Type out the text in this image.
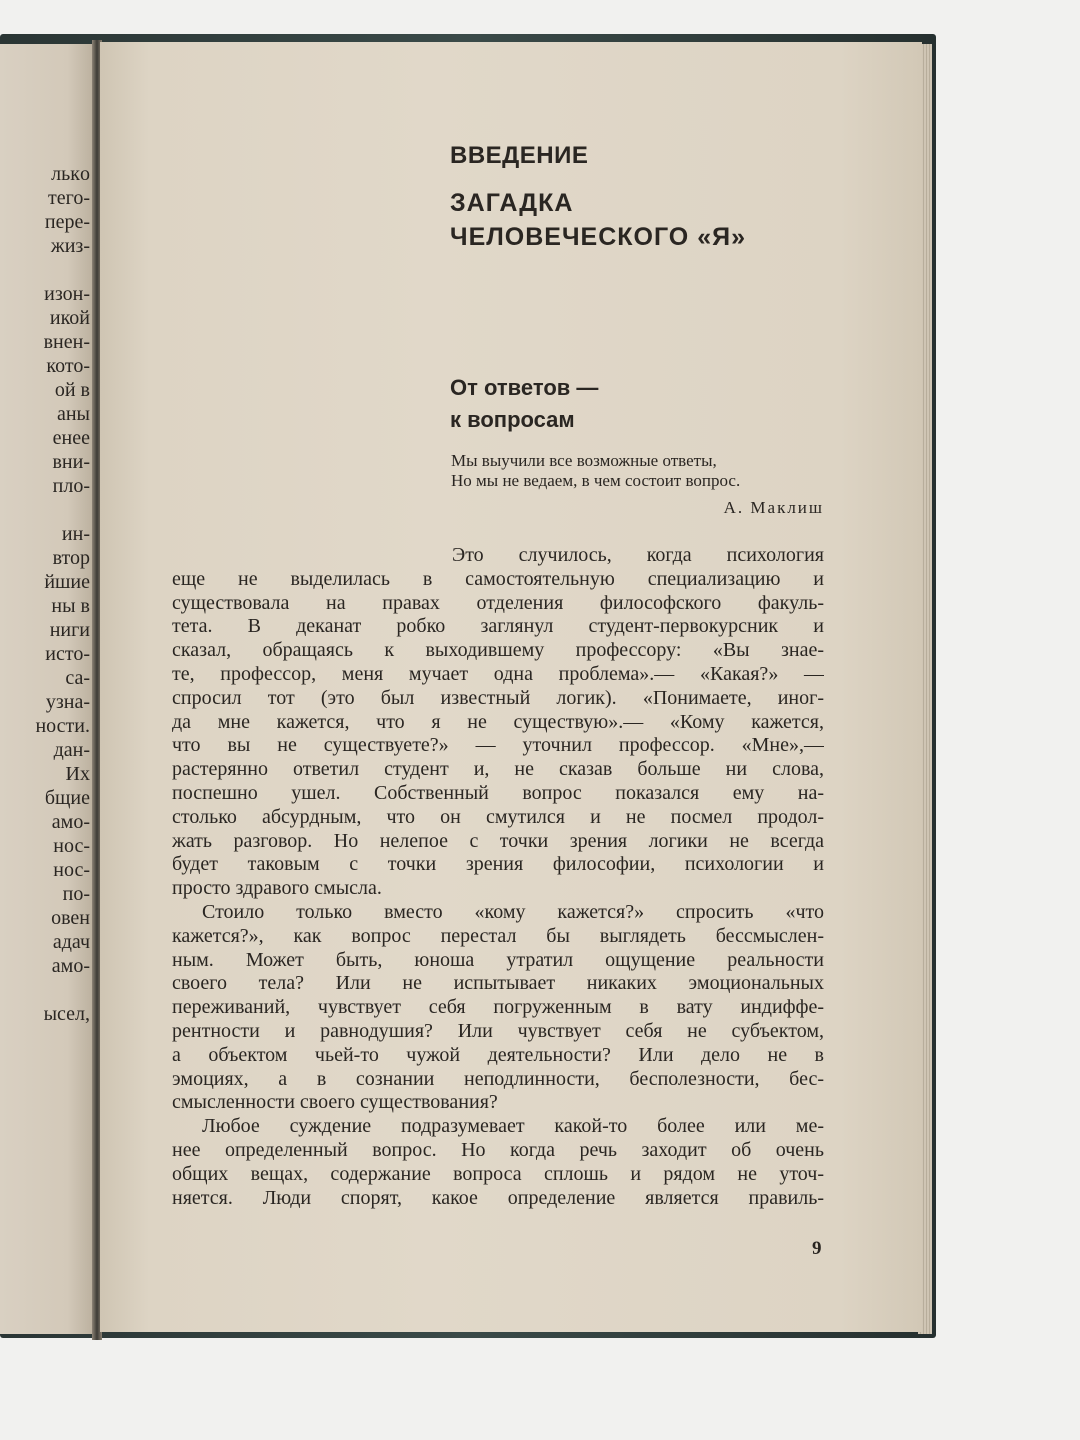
лькo
тего-
пере-
жиз-
изон-
икой
внен-
кото-
ой в
аны
енее
вни-
пло-
ин-
втор
йшие
ны в
ниги
исто-
са-
узна-
ности.
дан-
Их
бщие
амо-
нос-
нос-
по-
овен
адач
амо-
ысел,
ВВЕДЕНИЕ
ЗАГАДКА
ЧЕЛОВЕЧЕСКОГО «Я»
От ответов —
к вопросам
Мы выучили все возможные ответы,
Но мы не ведаем, в чем состоит вопрос.
А. Маклиш
Это случилось, когда психология
еще не выделилась в самостоятельную специализацию и
существовала на правах отделения философского факуль-
тета. В деканат робко заглянул студент-первокурсник и
сказал, обращаясь к выходившему профессору: «Вы знае-
те, профессор, меня мучает одна проблема».— «Какая?» —
спросил тот (это был известный логик). «Понимаете, иног-
да мне кажется, что я не существую».— «Кому кажется,
что вы не существуете?» — уточнил профессор. «Мне»,—
растерянно ответил студент и, не сказав больше ни слова,
поспешно ушел. Собственный вопрос показался ему на-
столько абсурдным, что он смутился и не посмел продол-
жать разговор. Но нелепое с точки зрения логики не всегда
будет таковым с точки зрения философии, психологии и
просто здравого смысла.
Стоило только вместо «кому кажется?» спросить «что
кажется?», как вопрос перестал бы выглядеть бессмыслен-
ным. Может быть, юноша утратил ощущение реальности
своего тела? Или не испытывает никаких эмоциональных
переживаний, чувствует себя погруженным в вату индиффе-
рентности и равнодушия? Или чувствует себя не субъектом,
а объектом чьей-то чужой деятельности? Или дело не в
эмоциях, а в сознании неподлинности, бесполезности, бес-
смысленности своего существования?
Любое суждение подразумевает какой-то более или ме-
нее определенный вопрос. Но когда речь заходит об очень
общих вещах, содержание вопроса сплошь и рядом не уточ-
няется. Люди спорят, какое определение является правиль-
9
